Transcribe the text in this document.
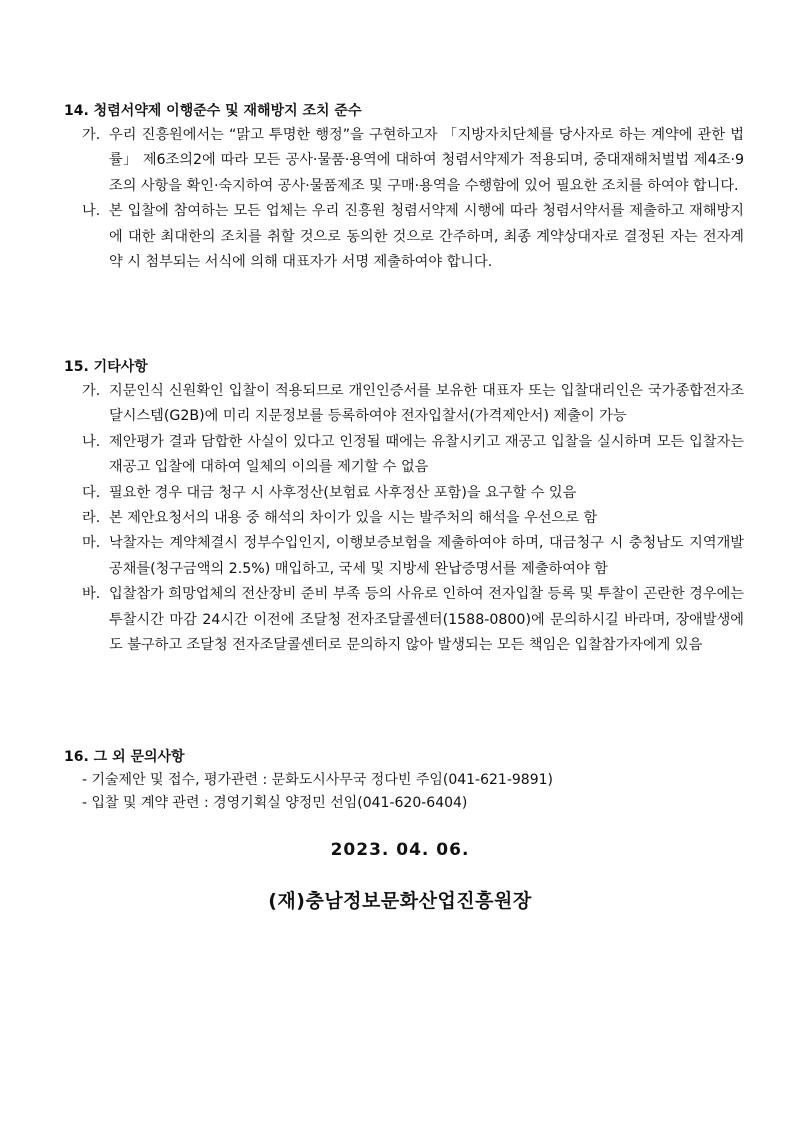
14. 청렴서약제 이행준수 및 재해방지 조치 준수
가. 우리 진흥원에서는 “맑고 투명한 행정”을 구현하고자 「지방자치단체를 당사자로 하는 계약에 관한 법률」 제6조의2에 따라 모든 공사·물품·용역에 대하여 청렴서약제가 적용되며, 중대재해처벌법 제4조·9조의 사항을 확인·숙지하여 공사·물품제조 및 구매·용역을 수행함에 있어 필요한 조치를 하여야 합니다.
나. 본 입찰에 참여하는 모든 업체는 우리 진흥원 청렴서약제 시행에 따라 청렴서약서를 제출하고 재해방지에 대한 최대한의 조치를 취할 것으로 동의한 것으로 간주하며, 최종 계약상대자로 결정된 자는 전자계약 시 첨부되는 서식에 의해 대표자가 서명 제출하여야 합니다.
15. 기타사항
가. 지문인식 신원확인 입찰이 적용되므로 개인인증서를 보유한 대표자 또는 입찰대리인은 국가종합전자조달시스템(G2B)에 미리 지문정보를 등록하여야 전자입찰서(가격제안서) 제출이 가능
나. 제안평가 결과 담합한 사실이 있다고 인정될 때에는 유찰시키고 재공고 입찰을 실시하며 모든 입찰자는 재공고 입찰에 대하여 일체의 이의를 제기할 수 없음
다. 필요한 경우 대금 청구 시 사후정산(보험료 사후정산 포함)을 요구할 수 있음
라. 본 제안요청서의 내용 중 해석의 차이가 있을 시는 발주처의 해석을 우선으로 함
마. 낙찰자는 계약체결시 정부수입인지, 이행보증보험을 제출하여야 하며, 대금청구 시 충청남도 지역개발공채를(청구금액의 2.5%) 매입하고, 국세 및 지방세 완납증명서를 제출하여야 함
바. 입찰참가 희망업체의 전산장비 준비 부족 등의 사유로 인하여 전자입찰 등록 및 투찰이 곤란한 경우에는 투찰시간 마감 24시간 이전에 조달청 전자조달콜센터(1588-0800)에 문의하시길 바라며, 장애발생에도 불구하고 조달청 전자조달콜센터로 문의하지 않아 발생되는 모든 책임은 입찰참가자에게 있음
16. 그 외 문의사항
- 기술제안 및 접수, 평가관련 : 문화도시사무국 정다빈 주임(041-621-9891)
- 입찰 및 계약 관련 : 경영기획실 양정민 선임(041-620-6404)
2023. 04. 06.
(재)충남정보문화산업진흥원장
